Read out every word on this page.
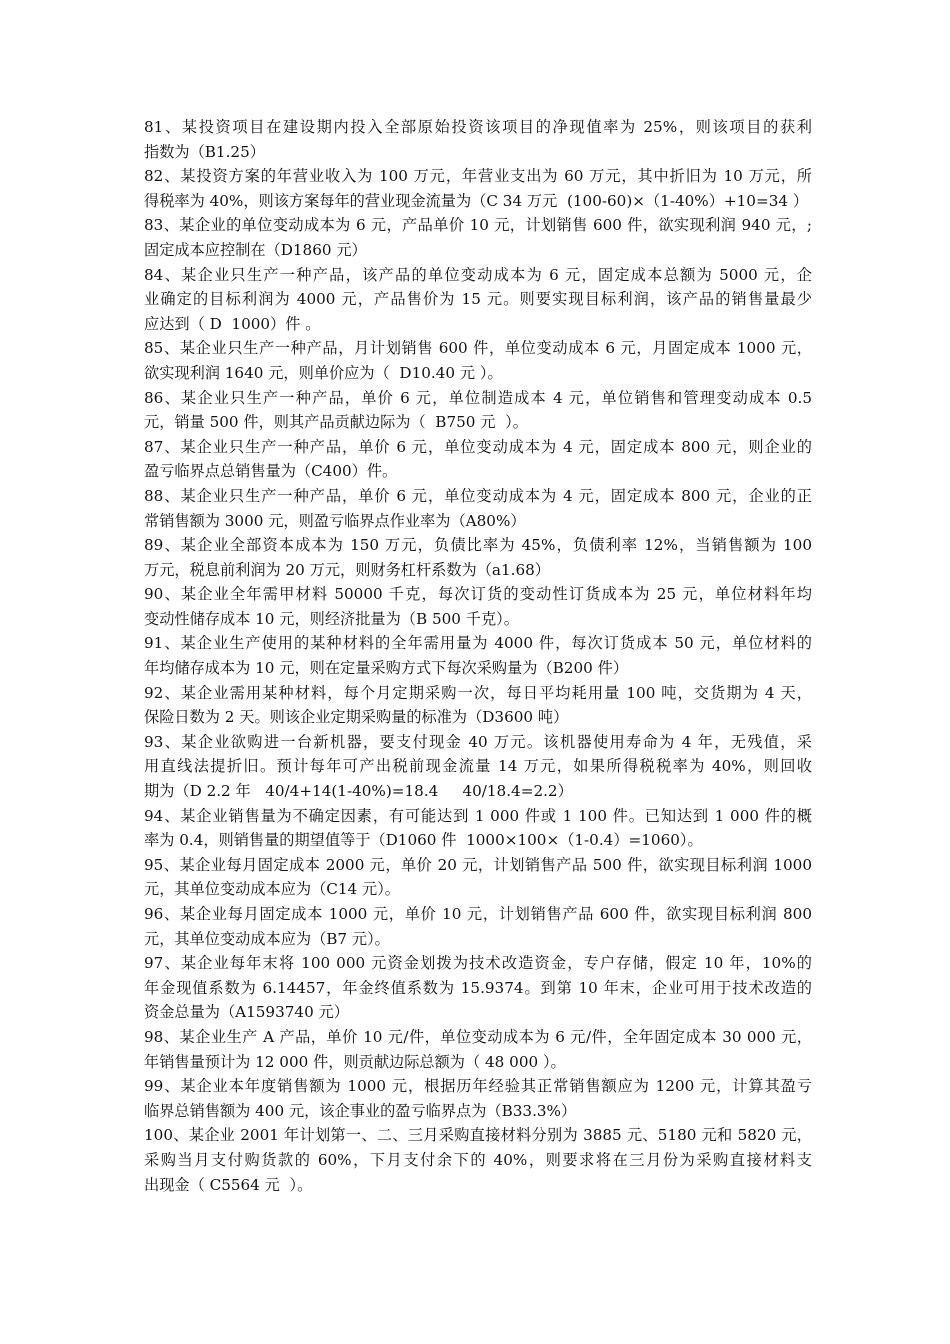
81、某投资项目在建设期内投入全部原始投资该项目的净现值率为 25%，则该项目的获利
指数为（B1.25）
82、某投资方案的年营业收入为 100 万元，年营业支出为 60 万元，其中折旧为 10 万元，所
得税率为 40%，则该方案每年的营业现金流量为（C 34 万元  (100-60)×（1-40%）+10=34 ）
83、某企业的单位变动成本为 6 元，产品单价 10 元，计划销售 600 件，欲实现利润 940 元，;
固定成本应控制在（D1860 元）
84、某企业只生产一种产品，该产品的单位变动成本为 6 元，固定成本总额为 5000 元，企
业确定的目标利润为 4000 元，产品售价为 15 元。则要实现目标利润，该产品的销售量最少
应达到（ D  1000）件 。
85、某企业只生产一种产品，月计划销售 600 件，单位变动成本 6 元，月固定成本 1000 元，
欲实现利润 1640 元，则单价应为（  D10.40 元 ）。
86、某企业只生产一种产品，单价 6 元，单位制造成本 4 元，单位销售和管理变动成本 0.5
元，销量 500 件，则其产品贡献边际为（  B750 元  ）。
87、某企业只生产一种产品，单价 6 元，单位变动成本为 4 元，固定成本 800 元，则企业的
盈亏临界点总销售量为（C400）件。
88、某企业只生产一种产品，单价 6 元，单位变动成本为 4 元，固定成本 800 元，企业的正
常销售额为 3000 元，则盈亏临界点作业率为（A80%）
89、某企业全部资本成本为 150 万元，负债比率为 45%，负债利率 12%，当销售额为 100
万元，税息前利润为 20 万元，则财务杠杆系数为（a1.68）
90、某企业全年需甲材料 50000 千克，每次订货的变动性订货成本为 25 元，单位材料年均
变动性储存成本 10 元，则经济批量为（B 500 千克）。
91、某企业生产使用的某种材料的全年需用量为 4000 件，每次订货成本 50 元，单位材料的
年均储存成本为 10 元，则在定量采购方式下每次采购量为（B200 件）
92、某企业需用某种材料，每个月定期采购一次，每日平均耗用量 100 吨，交货期为 4 天，
保险日数为 2 天。则该企业定期采购量的标准为（D3600 吨）
93、某企业欲购进一台新机器，要支付现金 40 万元。该机器使用寿命为 4 年，无残值，采
用直线法提折旧。预计每年可产出税前现金流量 14 万元，如果所得税税率为 40%，则回收
期为（D 2.2 年   40/4+14(1-40%)=18.4     40/18.4=2.2）
94、某企业销售量为不确定因素，有可能达到 1 000 件或 1 100 件。已知达到 1 000 件的概
率为 0.4，则销售量的期望值等于（D1060 件  1000×100×（1-0.4）=1060）。
95、某企业每月固定成本 2000 元，单价 20 元，计划销售产品 500 件，欲实现目标利润 1000
元，其单位变动成本应为（C14 元）。
96、某企业每月固定成本 1000 元，单价 10 元，计划销售产品 600 件，欲实现目标利润 800
元，其单位变动成本应为（B7 元）。
97、某企业每年末将 100 000 元资金划拨为技术改造资金，专户存储，假定 10 年，10%的
年金现值系数为 6.14457，年金终值系数为 15.9374。到第 10 年末，企业可用于技术改造的
资金总量为（A1593740 元）
98、某企业生产 A 产品，单价 10 元/件，单位变动成本为 6 元/件，全年固定成本 30 000 元，
年销售量预计为 12 000 件，则贡献边际总额为（ 48 000 ）。
99、某企业本年度销售额为 1000 元，根据历年经验其正常销售额应为 1200 元，计算其盈亏
临界总销售额为 400 元，该企事业的盈亏临界点为（B33.3%）
100、某企业 2001 年计划第一、二、三月采购直接材料分别为 3885 元、5180 元和 5820 元，
采购当月支付购货款的 60%，下月支付余下的 40%，则要求将在三月份为采购直接材料支
出现金（ C5564 元  ）。
